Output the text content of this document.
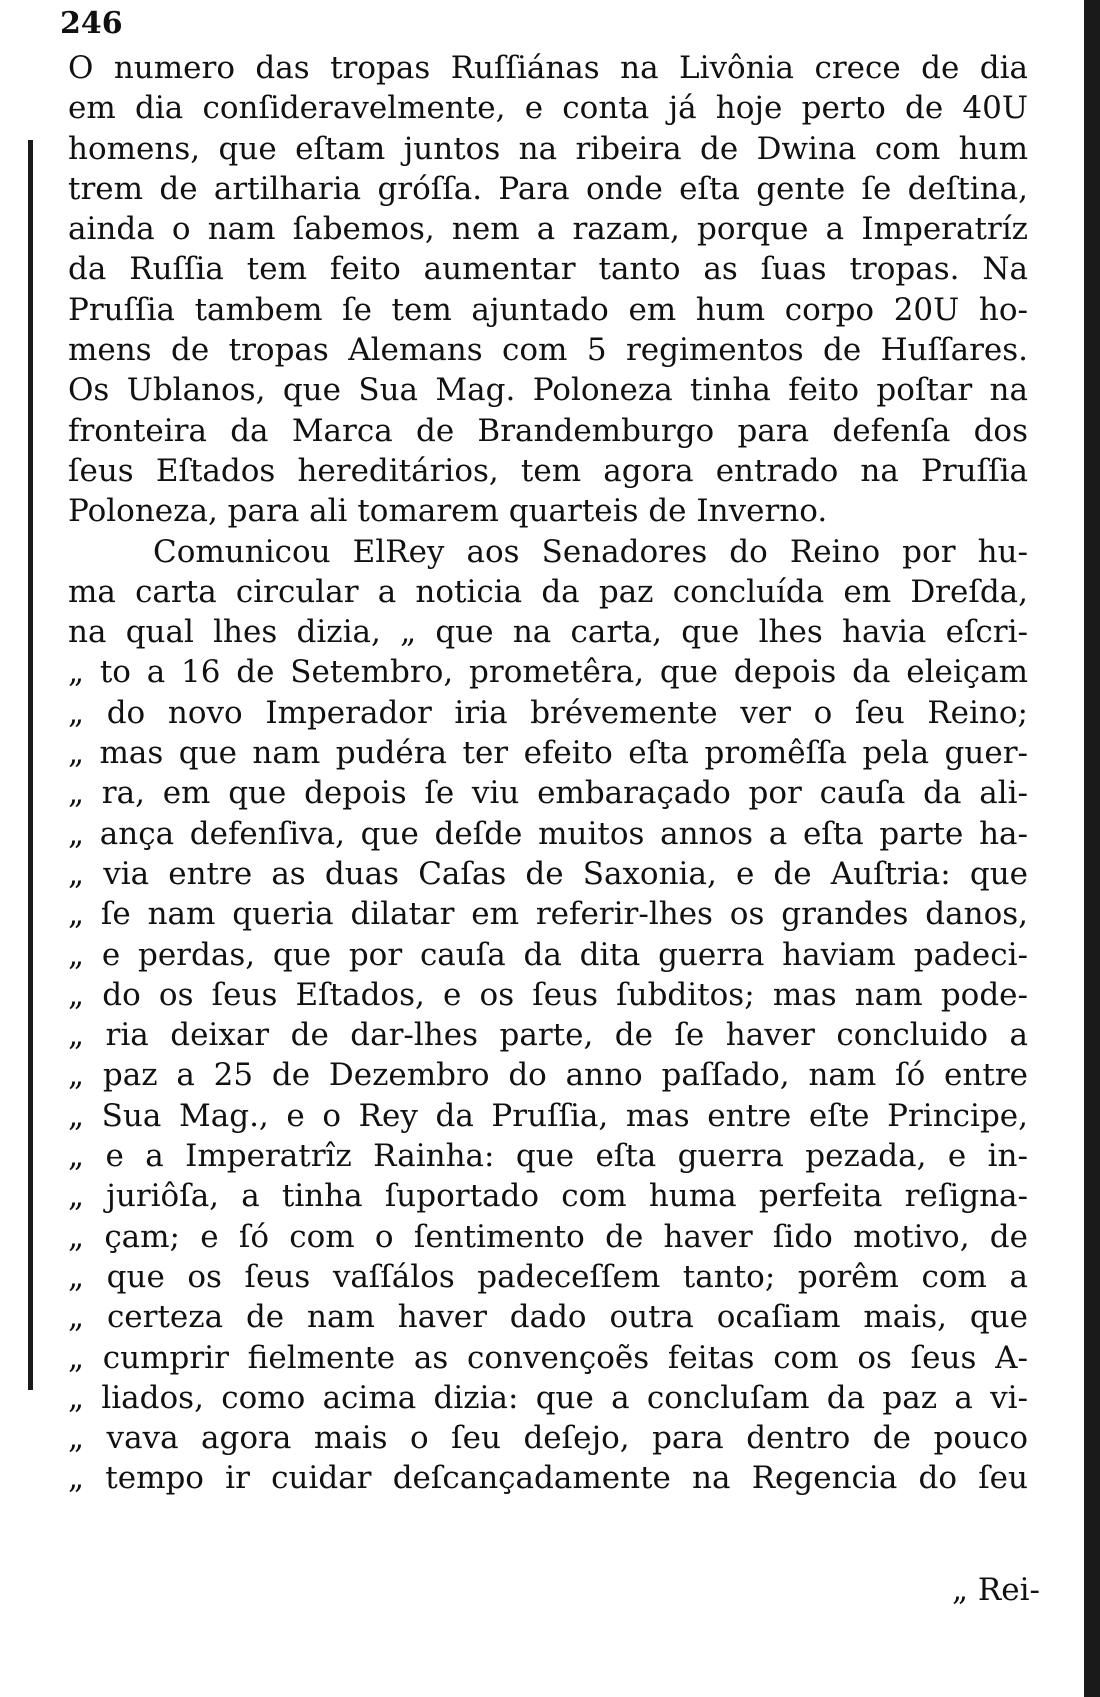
246
O numero das tropas Ruſſiánas na Livônia crece de dia
em dia conſideravelmente, e conta já hoje perto de 40U
homens, que eſtam juntos na ribeira de Dwina com hum
trem de artilharia gróſſa. Para onde eſta gente ſe deſtina,
ainda o nam ſabemos, nem a razam, porque a Imperatríz
da Ruſſia tem feito aumentar tanto as ſuas tropas. Na
Pruſſia tambem ſe tem ajuntado em hum corpo 20U ho-
mens de tropas Alemans com 5 regimentos de Huſſares.
Os Ublanos, que Sua Mag. Poloneza tinha feito poſtar na
fronteira da Marca de Brandemburgo para defenſa dos
ſeus Eſtados hereditários, tem agora entrado na Pruſſia
Poloneza, para ali tomarem quarteis de Inverno.
Comunicou ElRey aos Senadores do Reino por hu-
ma carta circular a noticia da paz concluída em Dreſda,
na qual lhes dizia, „ que na carta, que lhes havia eſcri-
„ to a 16 de Setembro, prometêra, que depois da eleiçam
„ do novo Imperador iria brévemente ver o ſeu Reino;
„ mas que nam pudéra ter efeito eſta promêſſa pela guer-
„ ra, em que depois ſe viu embaraçado por cauſa da ali-
„ ança defenſiva, que deſde muitos annos a eſta parte ha-
„ via entre as duas Caſas de Saxonia, e de Auſtria: que
„ ſe nam queria dilatar em referir-lhes os grandes danos,
„ e perdas, que por cauſa da dita guerra haviam padeci-
„ do os ſeus Eſtados, e os ſeus ſubditos; mas nam pode-
„ ria deixar de dar-lhes parte, de ſe haver concluido a
„ paz a 25 de Dezembro do anno paſſado, nam ſó entre
„ Sua Mag., e o Rey da Pruſſia, mas entre eſte Principe,
„ e a Imperatrîz Rainha: que eſta guerra pezada, e in-
„ juriôſa, a tinha ſuportado com huma perfeita reſigna-
„ çam; e ſó com o ſentimento de haver ſido motivo, de
„ que os ſeus vaſſálos padeceſſem tanto; porêm com a
„ certeza de nam haver dado outra ocaſiam mais, que
„ cumprir fielmente as convençoẽs feitas com os ſeus A-
„ liados, como acima dizia: que a concluſam da paz a vi-
„ vava agora mais o ſeu deſejo, para dentro de pouco
„ tempo ir cuidar deſcançadamente na Regencia do ſeu
„ Rei-
